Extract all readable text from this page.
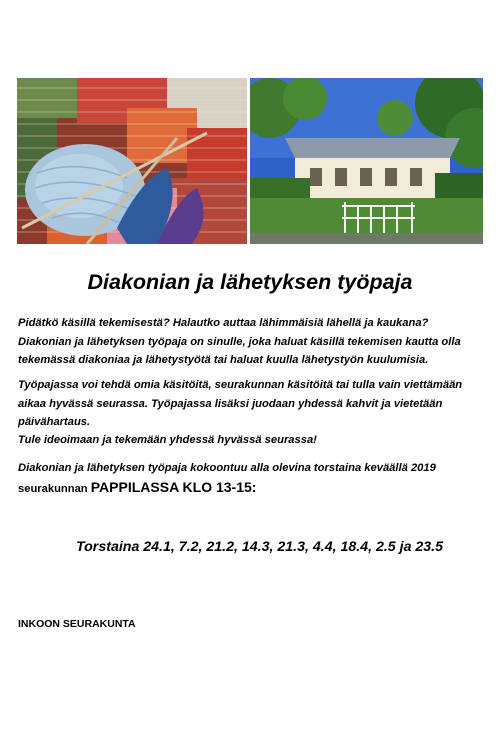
Diakonian ja lähetyksen työpaja

Pidätkö käsillä tekemisestä? Halautko auttaa lähimmäisiä lähellä ja kaukana? Diakonian ja lähetyksen työpaja on sinulle, joka haluat käsillä tekemisen kautta olla tekemässä diakoniaa ja lähetystyötä tai haluat kuulla lähetystyön kuulumisia.

Työpajassa voi tehdä omia käsitöitä, seurakunnan käsitöitä tai tulla vain viettämään aikaa hyvässä seurassa. Työpajassa lisäksi juodaan yhdessä kahvit ja vietetään päivähartaus.

Tule ideoimaan ja tekemään yhdessä hyvässä seurassa!

Diakonian ja lähetyksen työpaja kokoontuu alla olevina torstaina keväällä 2019
seurakunnan PAPPILASSA KLO 13-15:

Torstaina 24.1, 7.2, 21.2, 14.3, 21.3, 4.4, 18.4, 2.5 ja 23.5
INKOON SEURAKUNTA
